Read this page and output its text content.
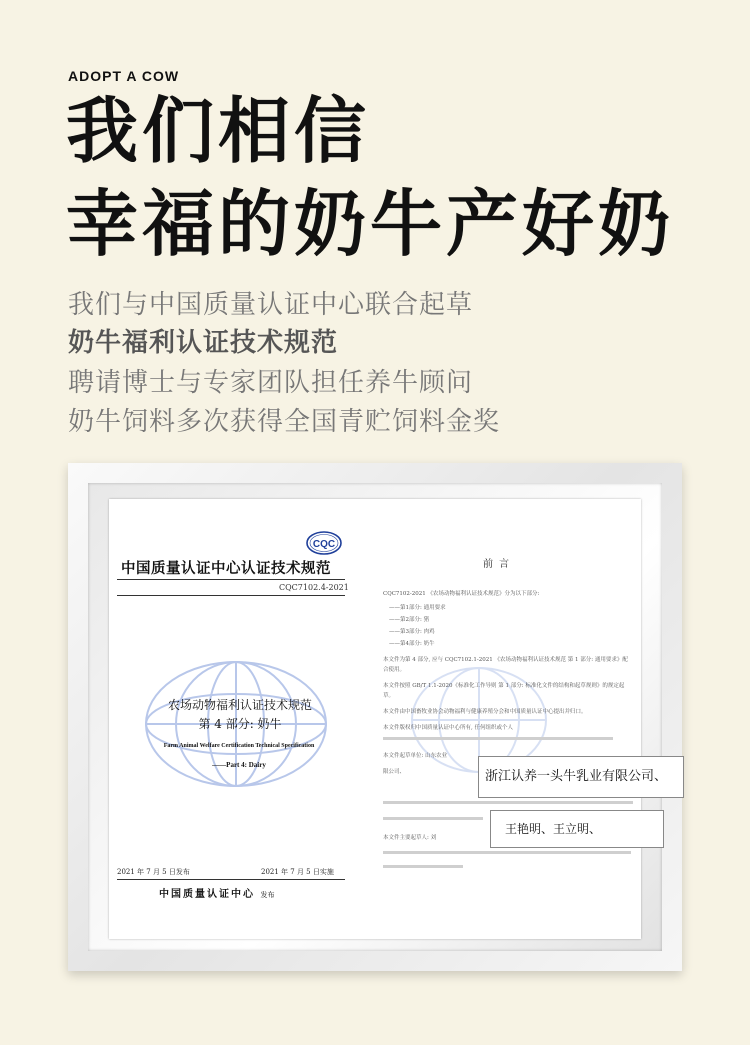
ADOPT A COW
我们相信
幸福的奶牛产好奶
我们与中国质量认证中心联合起草
奶牛福利认证技术规范
聘请博士与专家团队担任养牛顾问
奶牛饲料多次获得全国青贮饲料金奖
CQC
中国质量认证中心认证技术规范
CQC7102.4-2021
农场动物福利认证技术规范
第 4 部分: 奶牛
Farm Animal Welfare Certification Technical Specification
——Part 4: Dairy
2021 年 7 月 5 日发布	2021 年 7 月 5 日实施
中国质量认证中心 发布
前言
CQC7102-2021 《农场动物福利认证技术规范》分为以下部分:
——第1部分: 通用要求
——第2部分: 猪
——第3部分: 肉鸡
——第4部分: 奶牛
本文件为第 4 部分, 应与 CQC7102.1-2021 《农场动物福利认证技术规范 第 1 部分: 通用要求》配合使用。
本文件按照 GB/T 1.1-2020《标准化工作导则 第 1 部分: 标准化文件的结构和起草规则》的规定起草。
本文件由中国畜牧业协会动物福利与健康养殖分会和中国质量认证中心提出并归口。
本文件版权归中国质量认证中心所有, 任何组织或个人
本文件起草单位: 山东农业
限公司、
本文件主要起草人: 刘
浙江认养一头牛乳业有限公司、
王艳明、王立明、
